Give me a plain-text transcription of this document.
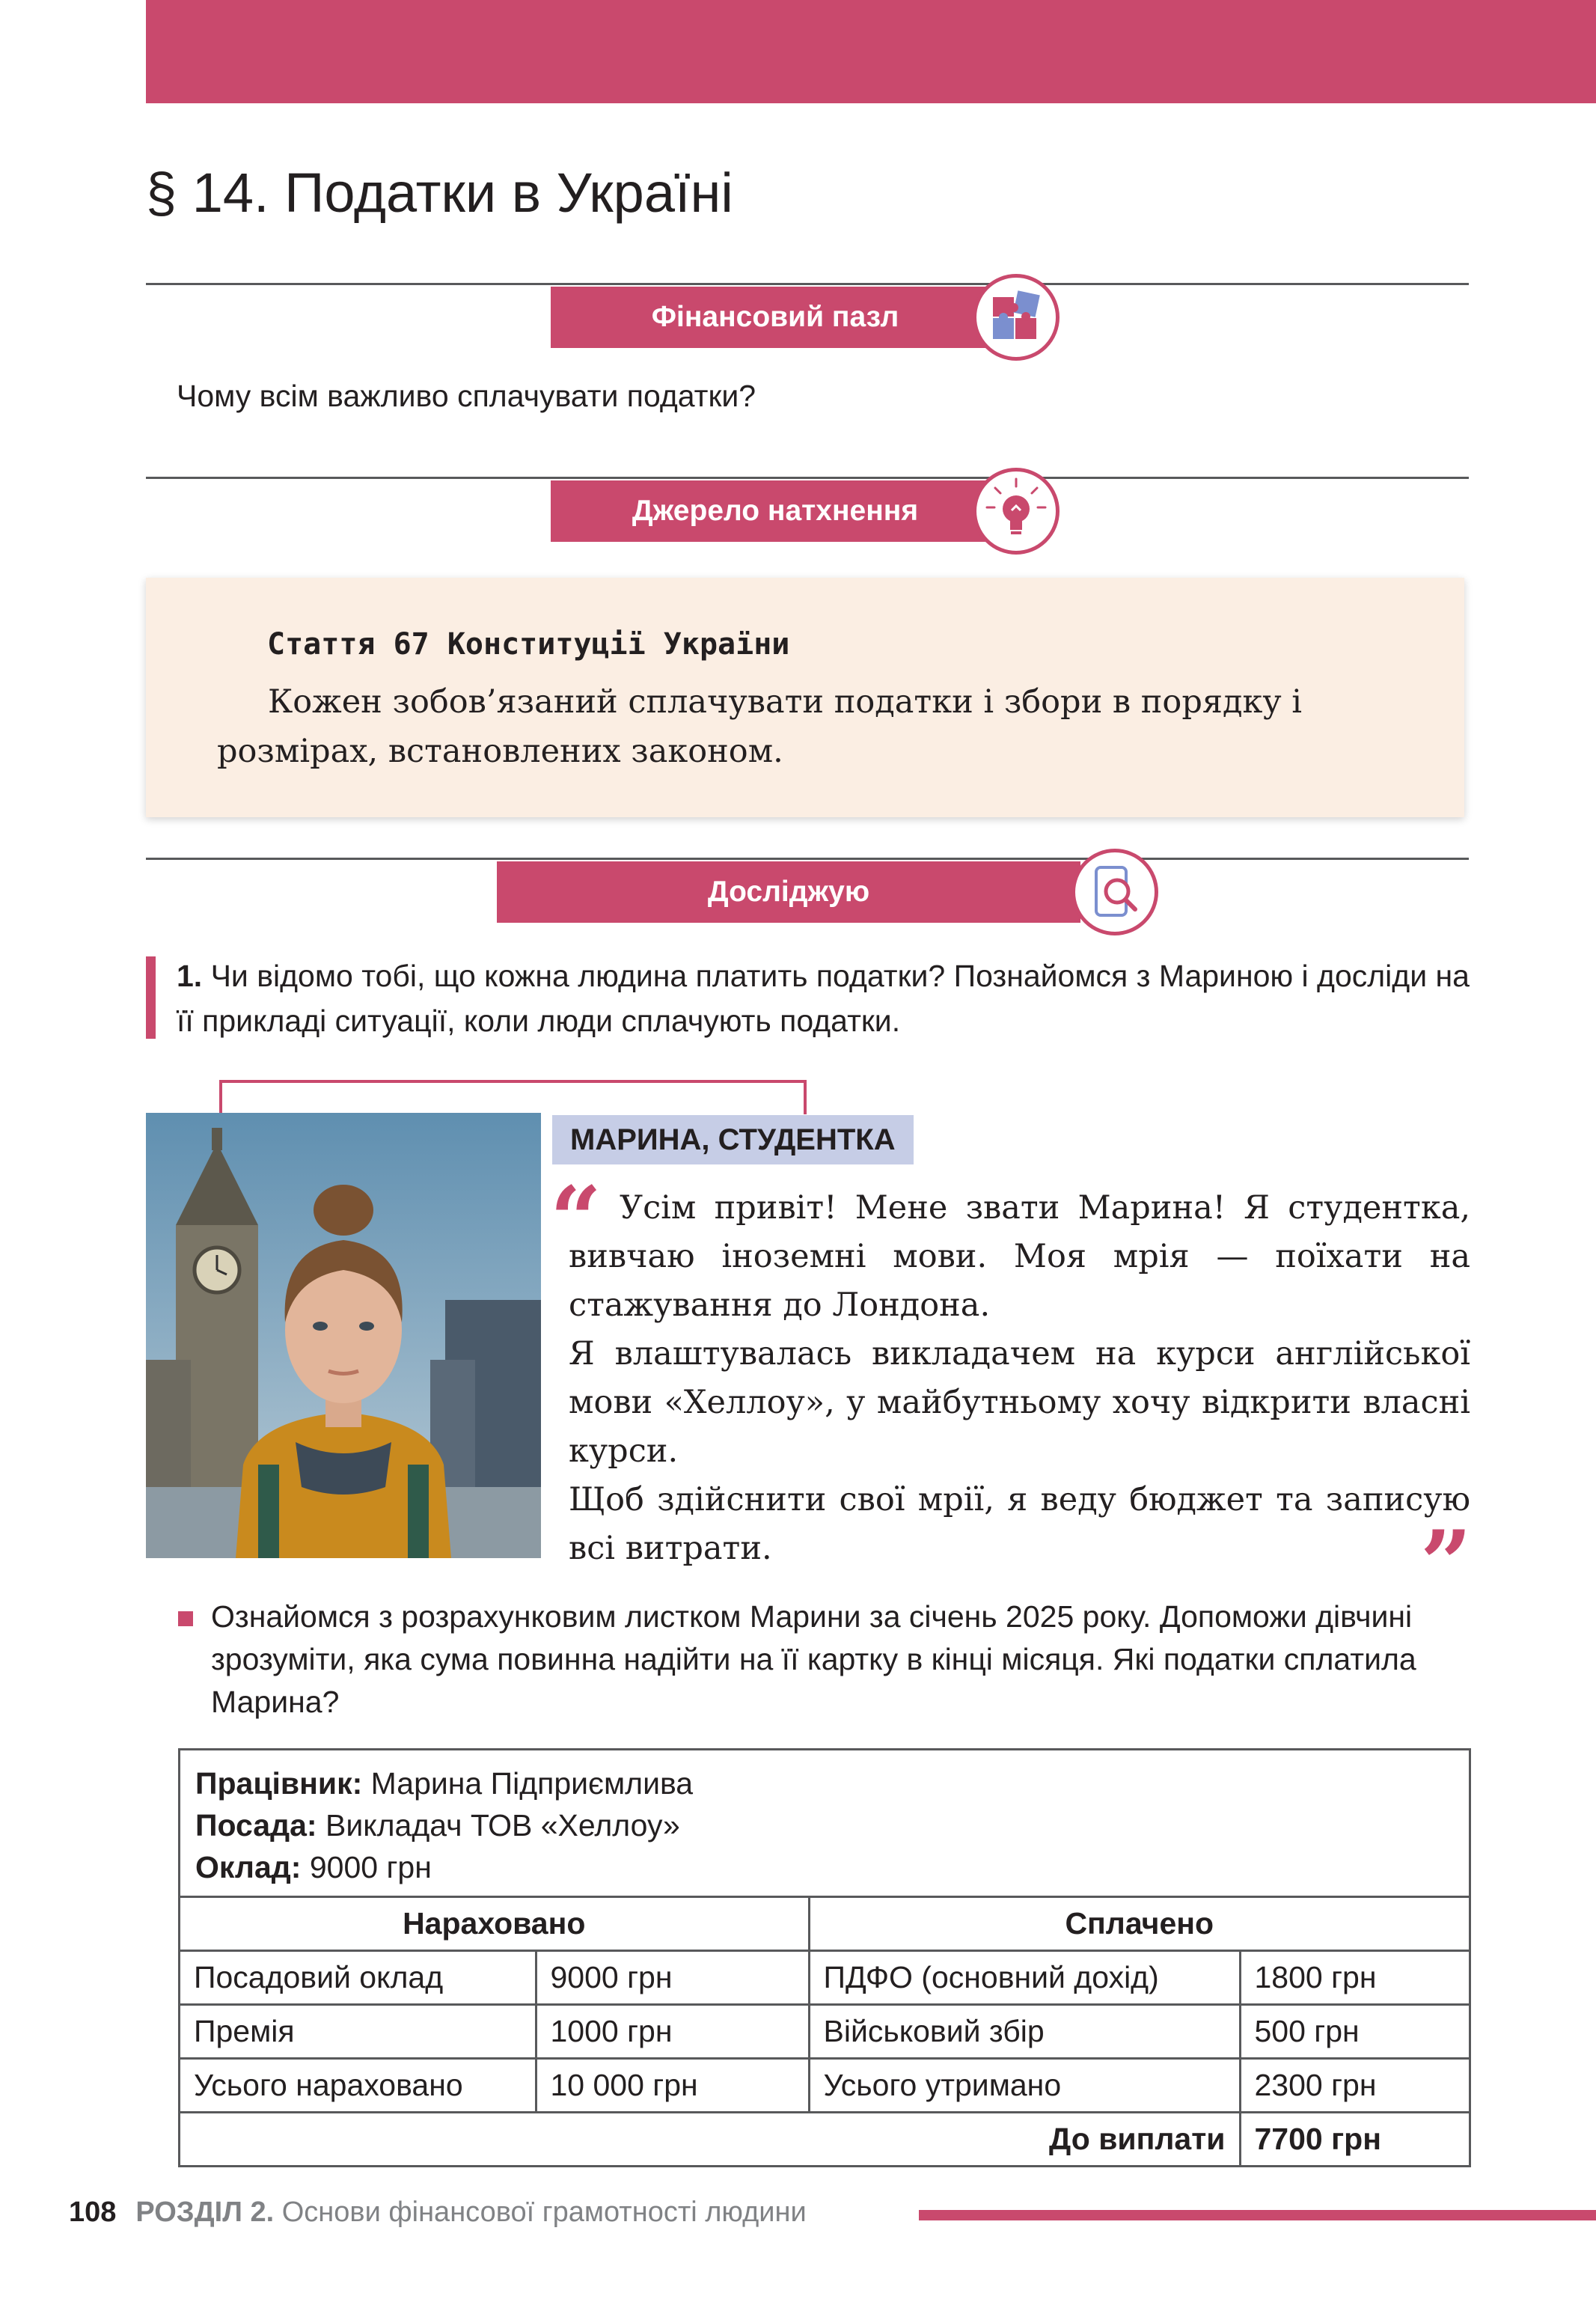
§ 14. Податки в Україні
Фінансовий пазл
Чому всім важливо сплачувати податки?
Джерело натхнення
Стаття 67 Конституції України
Кожен зобов’язаний сплачувати податки і збори в порядку і розмірах, встановлених законом.
Досліджую
1. Чи відомо тобі, що кожна людина платить податки? Познайомся з Мариною і досліди на її прикладі ситуації, коли люди сплачують податки.
МАРИНА, СТУДЕНТКА
“ Усім привіт! Мене звати Марина! Я студентка, вивчаю іноземні мови. Моя мрія — поїхати на стажування до Лондона.

Я влаштувалась викладачем на курси англійської мови «Хеллоу», у майбутньому хочу відкрити власні курси.

Щоб здійснити свої мрії, я веду бюджет та записую всі витрати.	”
Ознайомся з розрахунковим листком Марини за січень 2025 року. Допоможи дівчині зрозуміти, яка сума повинна надійти на її картку в кінці місяця. Які податки сплатила Марина?
Працівник: Марина Підприємлива
Посада: Викладач ТОВ «Хеллоу»
Оклад: 9000 грн
Нараховано		Сплачено	
Посадовий оклад	9000 грн	ПДФО (основний дохід)	1800 грн
Премія	1000 грн	Військовий збір	500 грн
Усього нараховано	10 000 грн	Усього утримано	2300 грн
До виплати			7700 грн
108 РОЗДІЛ 2. Основи фінансової грамотності людини
